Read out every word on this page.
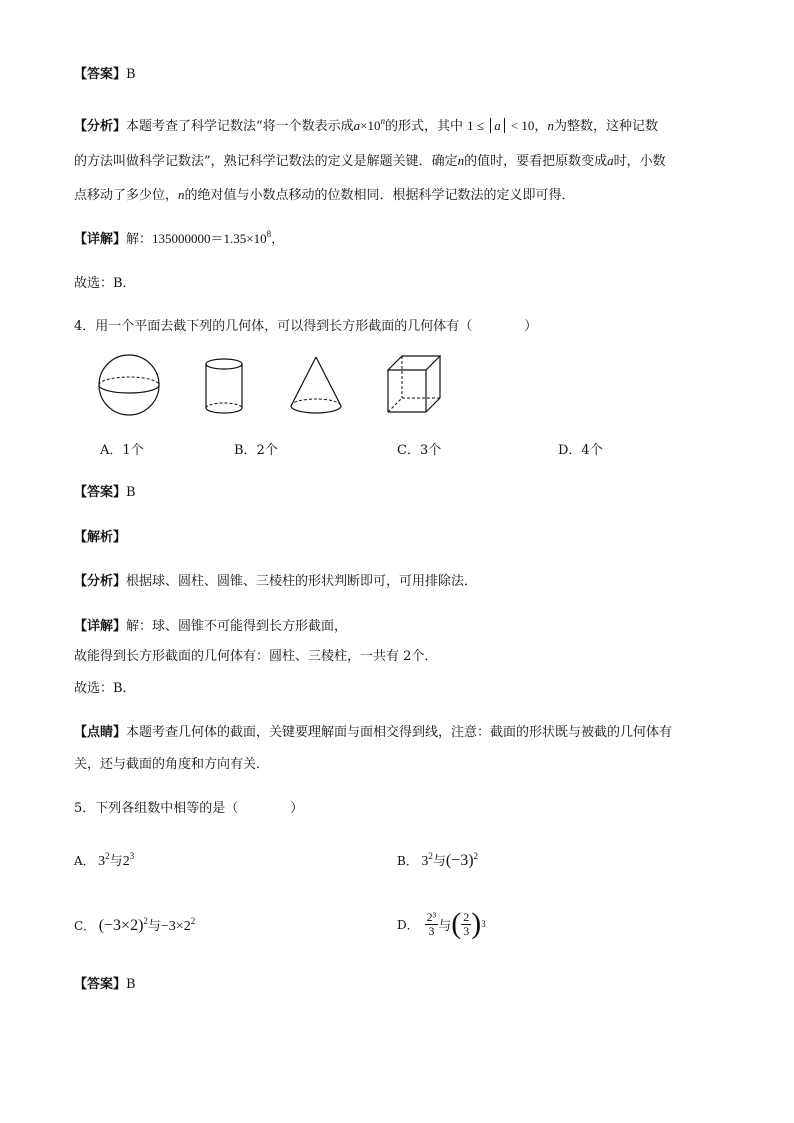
【答案】B
【分析】本题考查了科学记数法“将一个数表示成$a\times 10^n$的形式，其中 1 ≤ a < 10，n为整数，这种记数
的方法叫做科学记数法”，熟记科学记数法的定义是解题关键．确定n的值时，要看把原数变成a时，小数
点移动了多少位，n的绝对值与小数点移动的位数相同．根据科学记数法的定义即可得．
【详解】解：$135000000=1.35\times 10^8$，
故选：B．
4．用一个平面去截下列的几何体，可以得到长方形截面的几何体有（　　　　）
A．1个	B．2个	C．3个	D．4个
【答案】B
【解析】
【分析】根据球、圆柱、圆锥、三棱柱的形状判断即可，可用排除法．
【详解】解：球、圆锥不可能得到长方形截面，
故能得到长方形截面的几何体有：圆柱、三棱柱，一共有 2个．
故选：B．
【点睛】本题考查几何体的截面，关键要理解面与面相交得到线，注意：截面的形状既与被截的几何体有
关，还与截面的角度和方向有关．
5．下列各组数中相等的是（　　　　）
A． $3^2$与$2^3$	B． $3^2$与$(-3)^2$
C． $(-3\times 2)^2$与$-3\times 2^2$	D． $\frac{\text{2³}}{3}$ 与 ( $\frac{2}{3}$ ) 3
【答案】B
